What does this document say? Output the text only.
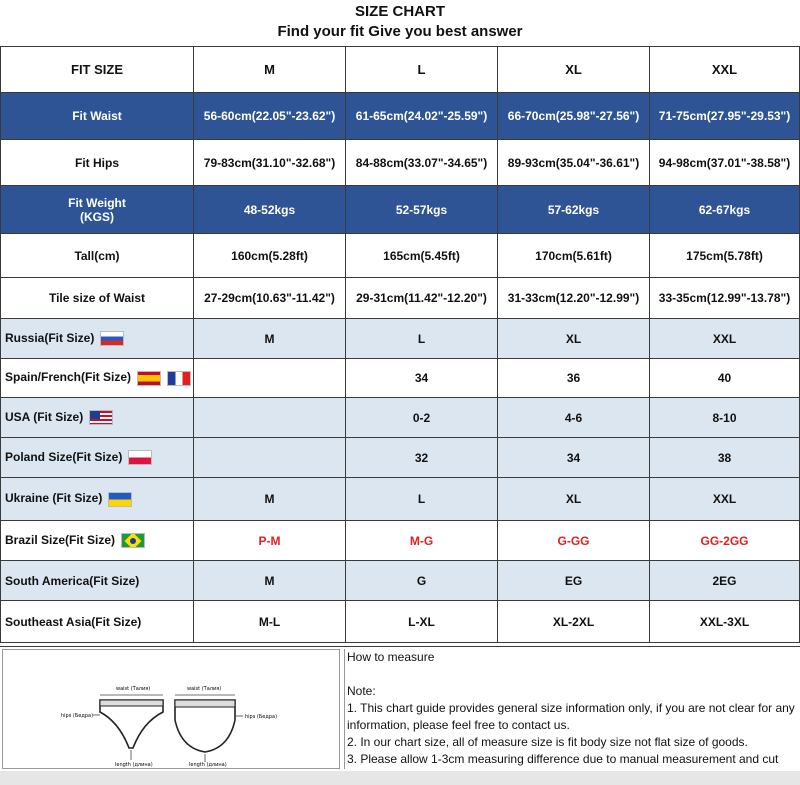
SIZE CHART
Find your fit Give you best answer
FIT SIZE	M	L	XL	XXL
Fit Waist	56-60cm(22.05"-23.62")	61-65cm(24.02"-25.59")	66-70cm(25.98"-27.56")	71-75cm(27.95"-29.53")
Fit Hips	79-83cm(31.10"-32.68")	84-88cm(33.07"-34.65")	89-93cm(35.04"-36.61")	94-98cm(37.01"-38.58")

Fit Weight
(KGS)	48-52kgs	52-57kgs	57-62kgs	62-67kgs
Tall(cm)	160cm(5.28ft)	165cm(5.45ft)	170cm(5.61ft)	175cm(5.78ft)
Tile size of Waist	27-29cm(10.63"-11.42")	29-31cm(11.42"-12.20")	31-33cm(12.20"-12.99")	33-35cm(12.99"-13.78")
Russia(Fit Size)	M	L	XL	XXL
Spain/French(Fit Size)		34	36	40
USA (Fit Size)		0-2	4-6	8-10
Poland Size(Fit Size)		32	34	38
Ukraine (Fit Size)	M	L	XL	XXL
Brazil Size(Fit Size)	P-M	M-G	G-GG	GG-2GG
South America(Fit Size)	M	G	EG	2EG
Southeast Asia(Fit Size)	M-L	L-XL	XL-2XL	XXL-3XL
waist (Талия)	waist (Талия)
hips (Бедра)	hips (Бедра)
length (длина)	length (длина)
How to measure
Note:
1. This chart guide provides general size information only, if you are not clear for any information, please feel free to contact us.
2. In our chart size, all of measure size is fit body size not flat size of goods.
3. Please allow 1-3cm measuring difference due to manual measurement and cut
